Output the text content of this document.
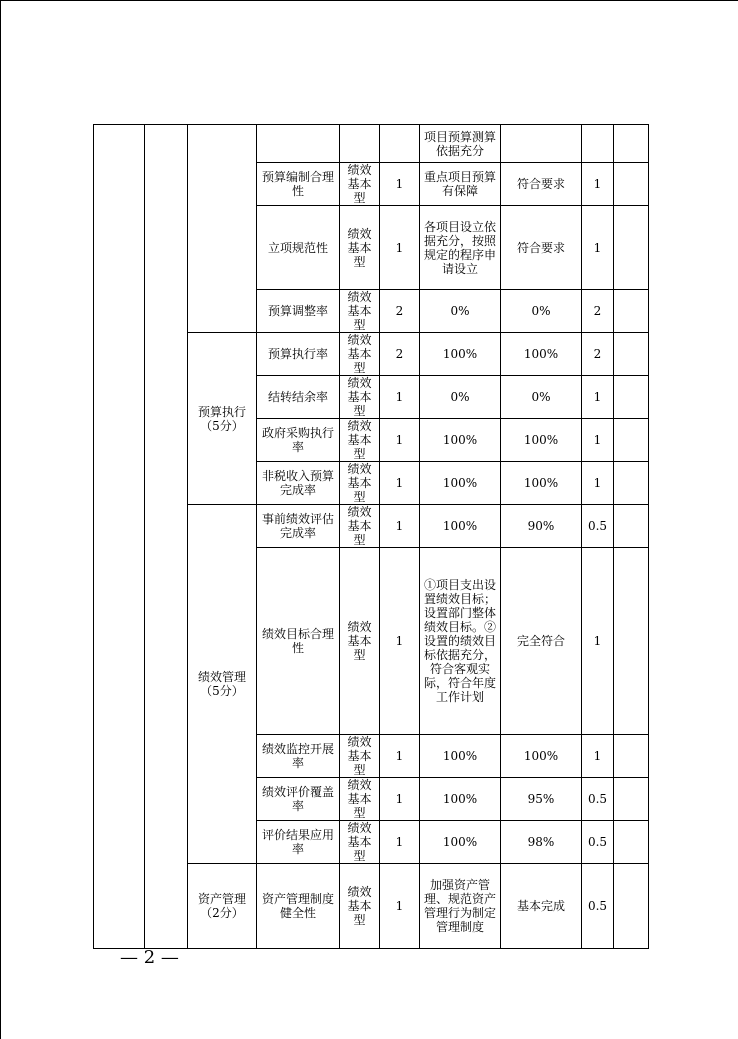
						项目预算测算依据充分			
			预算编制合理性	绩效基本型	1	重点项目预算有保障	符合要求	1	
			立项规范性	绩效基本型	1	各项目设立依据充分，按照规定的程序申请设立	符合要求	1	
			预算调整率	绩效基本型	2	0%	0%	2	
		预算执行（5分）	预算执行率	绩效基本型	2	100%	100%	2	
			结转结余率	绩效基本型	1	0%	0%	1	
			政府采购执行率	绩效基本型	1	100%	100%	1	
			非税收入预算完成率	绩效基本型	1	100%	100%	1	
		绩效管理（5分）	事前绩效评估完成率	绩效基本型	1	100%	90%	0.5	
			绩效目标合理性	绩效基本型	1	①项目支出设置绩效目标；设置部门整体绩效目标。②设置的绩效目标依据充分，符合客观实际，符合年度工作计划	完全符合	1	
			绩效监控开展率	绩效基本型	1	100%	100%	1	
			绩效评价覆盖率	绩效基本型	1	100%	95%	0.5	
			评价结果应用率	绩效基本型	1	100%	98%	0.5	
		资产管理（2分）	资产管理制度健全性	绩效基本型	1	加强资产管理、规范资产管理行为制定管理制度	基本完成	0.5	
— 2 —
